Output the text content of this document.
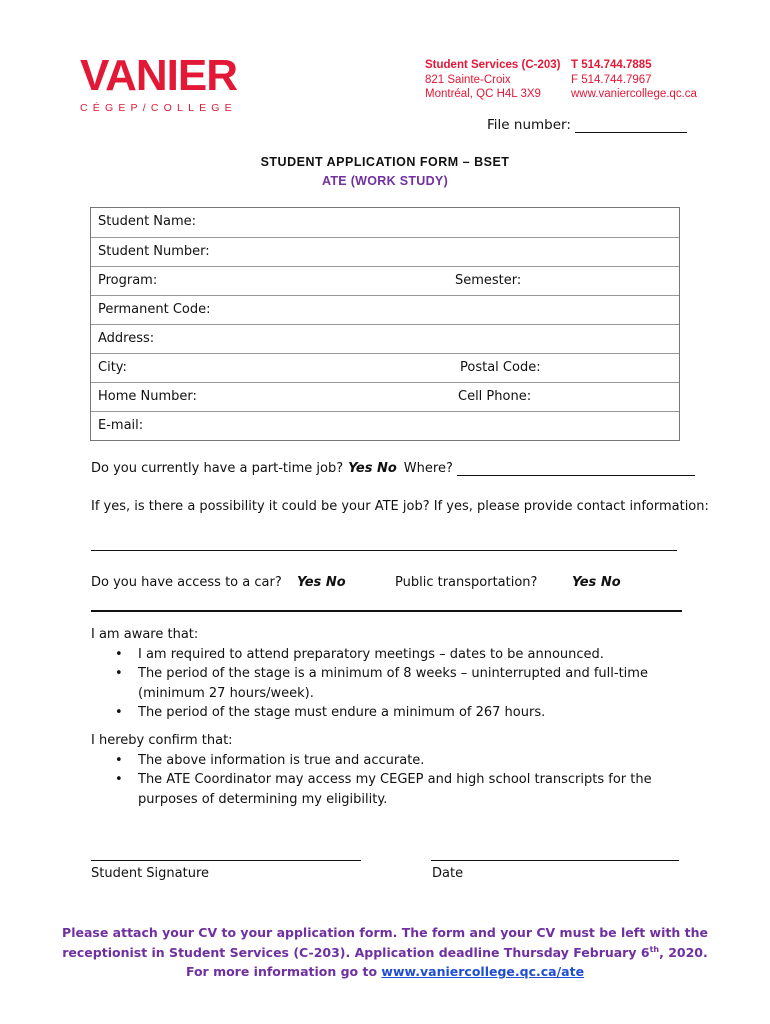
VANIER
CÉGEP/COLLEGE
Student Services (C-203)
821 Sainte-Croix
Montréal, QC H4L 3X9
T 514.744.7885
F 514.744.7967
www.vaniercollege.qc.ca
File number:
STUDENT APPLICATION FORM – BSET
ATE (WORK STUDY)
Student Name:
Student Number:
Program:	Semester:
Permanent Code:
Address:
City:	Postal Code:
Home Number:	Cell Phone:
E-mail:
Do you currently have a part-time job? Yes No Where?
If yes, is there a possibility it could be your ATE job? If yes, please provide contact information:
Do you have access to a car? Yes No	Public transportation?	Yes No
I am aware that:
• I am required to attend preparatory meetings – dates to be announced.
• The period of the stage is a minimum of 8 weeks – uninterrupted and full-time (minimum 27 hours/week).
• The period of the stage must endure a minimum of 267 hours.
I hereby confirm that:
• The above information is true and accurate.
• The ATE Coordinator may access my CEGEP and high school transcripts for the purposes of determining my eligibility.
Student Signature	Date
Please attach your CV to your application form. The form and your CV must be left with the
receptionist in Student Services (C-203). Application deadline Thursday February 6th, 2020.
For more information go to www.vaniercollege.qc.ca/ate
